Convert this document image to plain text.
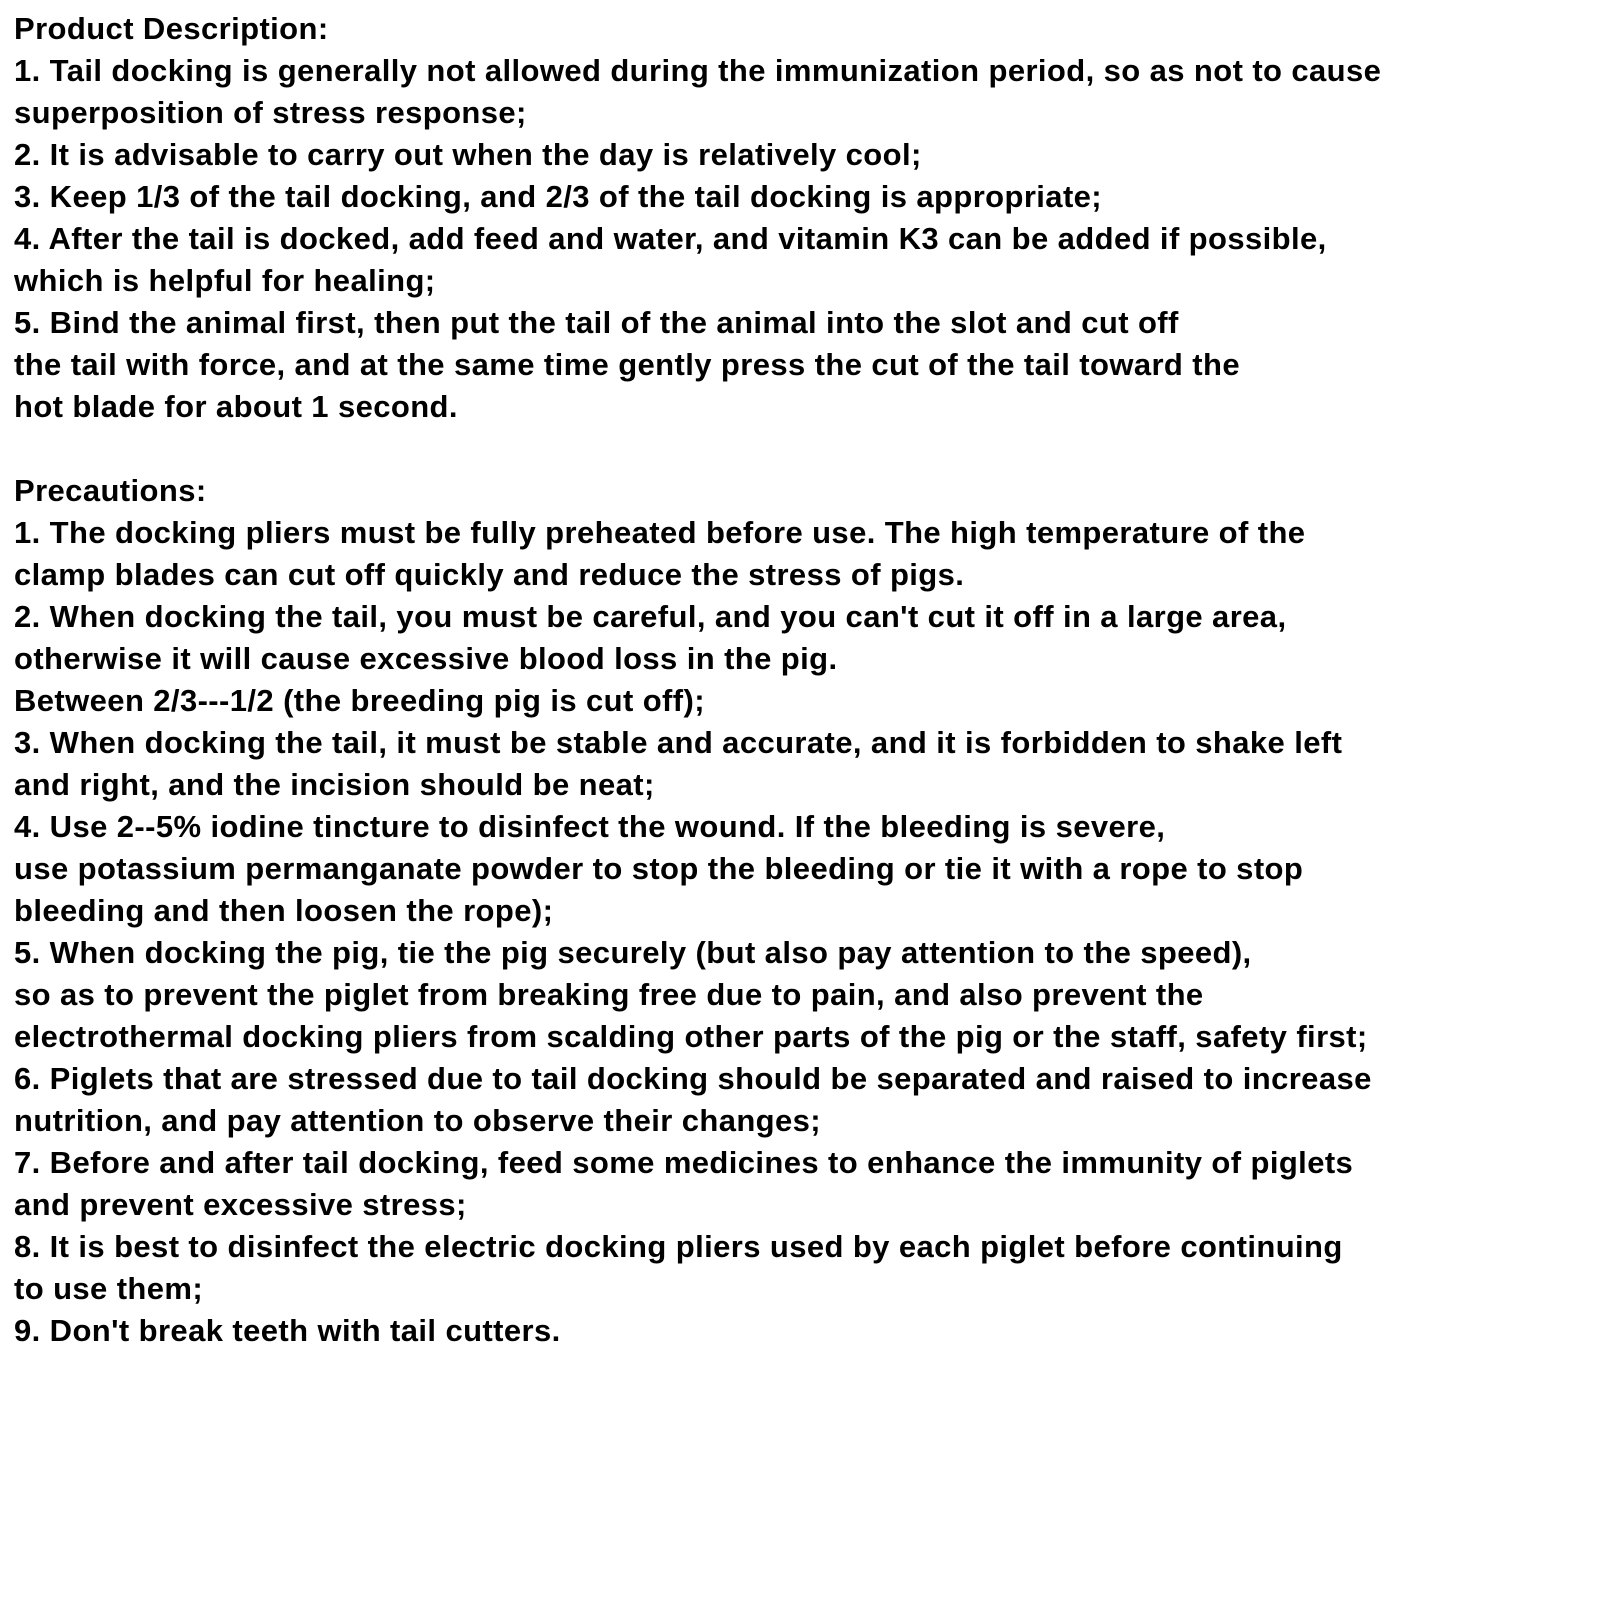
Product Description:
1. Tail docking is generally not allowed during the immunization period, so as not to cause
superposition of stress response;
2. It is advisable to carry out when the day is relatively cool;
3. Keep 1/3 of the tail docking, and 2/3 of the tail docking is appropriate;
4. After the tail is docked, add feed and water, and vitamin K3 can be added if possible,
which is helpful for healing;
5. Bind the animal first, then put the tail of the animal into the slot and cut off
the tail with force, and at the same time gently press the cut of the tail toward the
hot blade for about 1 second.
Precautions:
1. The docking pliers must be fully preheated before use. The high temperature of the
clamp blades can cut off quickly and reduce the stress of pigs.
2. When docking the tail, you must be careful, and you can't cut it off in a large area,
otherwise it will cause excessive blood loss in the pig.
Between 2/3---1/2 (the breeding pig is cut off);
3. When docking the tail, it must be stable and accurate, and it is forbidden to shake left
and right, and the incision should be neat;
4. Use 2--5% iodine tincture to disinfect the wound. If the bleeding is severe,
use potassium permanganate powder to stop the bleeding or tie it with a rope to stop
bleeding and then loosen the rope);
5. When docking the pig, tie the pig securely (but also pay attention to the speed),
so as to prevent the piglet from breaking free due to pain, and also prevent the
electrothermal docking pliers from scalding other parts of the pig or the staff, safety first;
6. Piglets that are stressed due to tail docking should be separated and raised to increase
nutrition, and pay attention to observe their changes;
7. Before and after tail docking, feed some medicines to enhance the immunity of piglets
and prevent excessive stress;
8. It is best to disinfect the electric docking pliers used by each piglet before continuing
to use them;
9. Don't break teeth with tail cutters.
